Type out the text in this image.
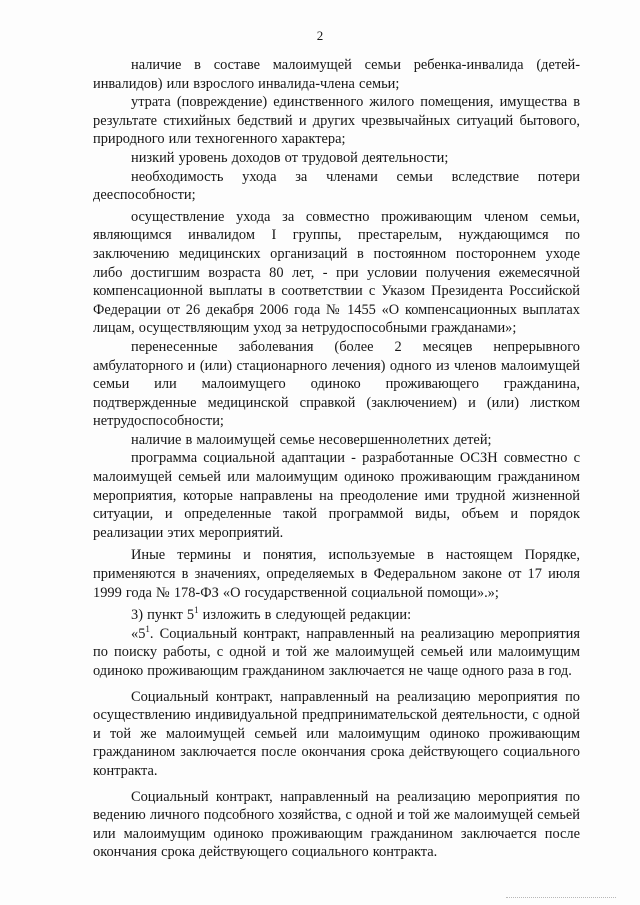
2

наличие в составе малоимущей семьи ребенка-инвалида (детей-инвалидов) или взрослого инвалида-члена семьи;

утрата (повреждение) единственного жилого помещения, имущества в результате стихийных бедствий и других чрезвычайных ситуаций бытового, природного или техногенного характера;

низкий уровень доходов от трудовой деятельности;

необходимость ухода за членами семьи вследствие потери дееспособности;

осуществление ухода за совместно проживающим членом семьи, являющимся инвалидом I группы, престарелым, нуждающимся по заключению медицинских организаций в постоянном постороннем уходе либо достигшим возраста 80 лет, - при условии получения ежемесячной компенсационной выплаты в соответствии с Указом Президента Российской Федерации от 26 декабря 2006 года № 1455 «О компенсационных выплатах лицам, осуществляющим уход за нетрудоспособными гражданами»;

перенесенные заболевания (более 2 месяцев непрерывного амбулаторного и (или) стационарного лечения) одного из членов малоимущей семьи или малоимущего одиноко проживающего гражданина, подтвержденные медицинской справкой (заключением) и (или) листком нетрудоспособности;

наличие в малоимущей семье несовершеннолетних детей;

программа социальной адаптации - разработанные ОСЗН совместно с малоимущей семьей или малоимущим одиноко проживающим гражданином мероприятия, которые направлены на преодоление ими трудной жизненной ситуации, и определенные такой программой виды, объем и порядок реализации этих мероприятий.

Иные термины и понятия, используемые в настоящем Порядке, применяются в значениях, определяемых в Федеральном законе от 17 июля 1999 года № 178-ФЗ «О государственной социальной помощи».»;

3) пункт $5^1$ изложить в следующей редакции:

«$5^1$. Социальный контракт, направленный на реализацию мероприятия по поиску работы, с одной и той же малоимущей семьей или малоимущим одиноко проживающим гражданином заключается не чаще одного раза в год.

Социальный контракт, направленный на реализацию мероприятия по осуществлению индивидуальной предпринимательской деятельности, с одной и той же малоимущей семьей или малоимущим одиноко проживающим гражданином заключается после окончания срока действующего социального контракта.

Социальный контракт, направленный на реализацию мероприятия по ведению личного подсобного хозяйства, с одной и той же малоимущей семьей или малоимущим одиноко проживающим гражданином заключается после окончания срока действующего социального контракта.
